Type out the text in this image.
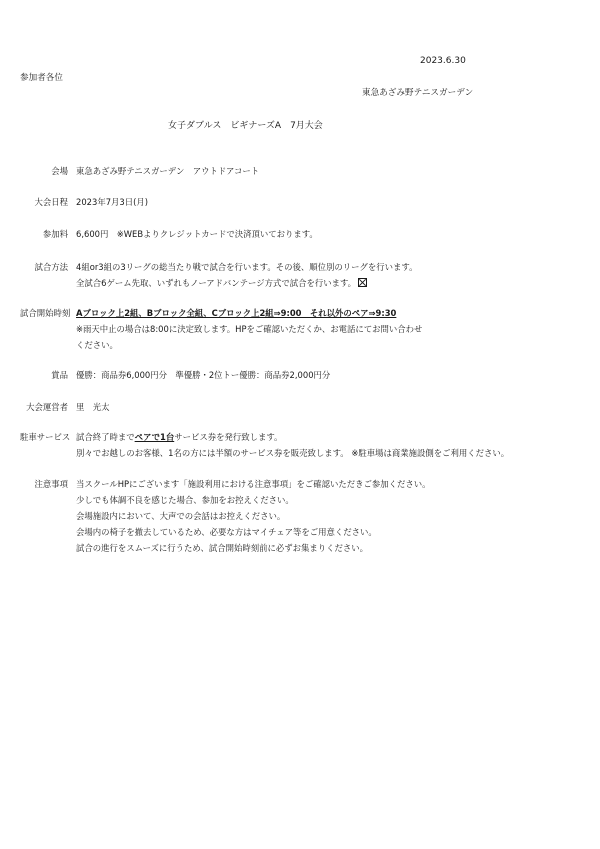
2023.6.30
参加者各位
東急あざみ野テニスガーデン
女子ダブルス　ビギナーズA　7月大会
会場 東急あざみ野テニスガーデン　アウトドアコート
大会日程 2023年7月3日(月)
参加料 6,600円　※WEBよりクレジットカードで決済頂いております。
試合方法 4組or3組の3リーグの総当たり戦で試合を行います。その後、順位別のリーグを行います。
全試合6ゲーム先取、いずれもノーアドバンテージ方式で試合を行います。
試合開始時刻 Aブロック上2組、Bブロック全組、Cブロック上2組⇒9:00　それ以外のペア⇒9:30
※雨天中止の場合は8:00に決定致します。HPをご確認いただくか、お電話にてお問い合わせ
ください。
賞品 優勝：商品券6,000円分　準優勝・2位トー優勝：商品券2,000円分
大会運営者 里　光太
駐車サービス 試合終了時までペアで1台サービス券を発行致します。
別々でお越しのお客様、1名の方には半額のサービス券を販売致します。 ※駐車場は商業施設側をご利用ください。
注意事項 当スクールHPにございます「施設利用における注意事項」をご確認いただきご参加ください。
少しでも体調不良を感じた場合、参加をお控えください。
会場施設内において、大声での会話はお控えください。
会場内の椅子を撤去しているため、必要な方はマイチェア等をご用意ください。
試合の進行をスムーズに行うため、試合開始時刻前に必ずお集まりください。
